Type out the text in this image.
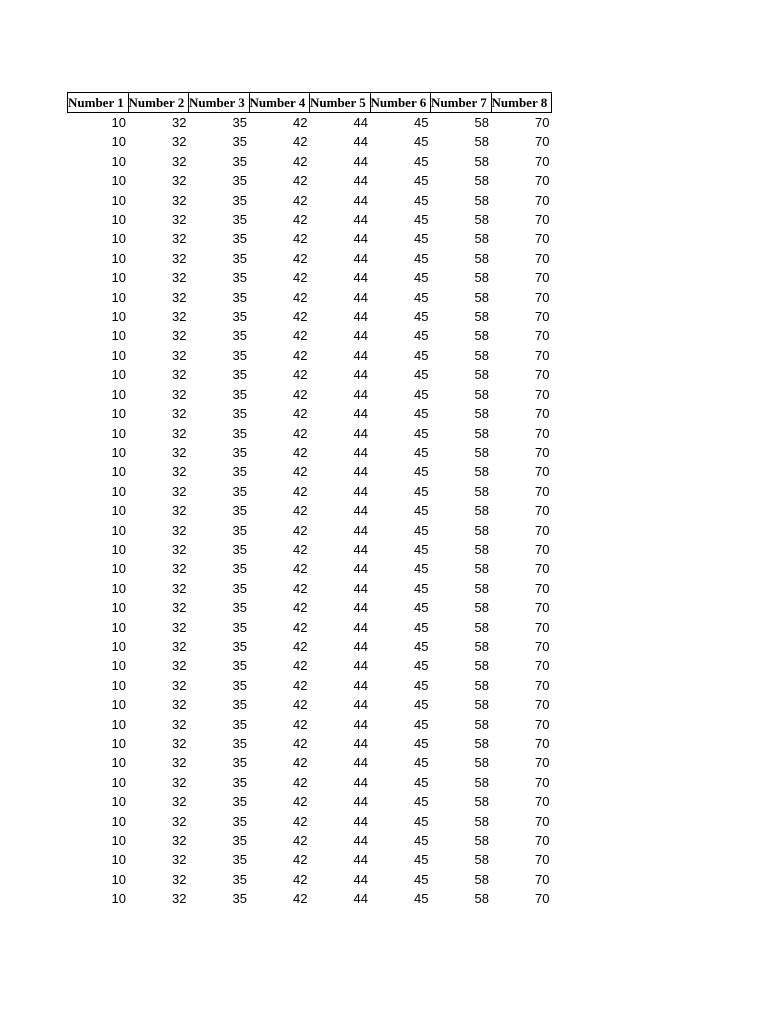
Number 1	Number 2	Number 3	Number 4	Number 5	Number 6	Number 7	Number 8
10	32	35	42	44	45	58	70
10	32	35	42	44	45	58	70
10	32	35	42	44	45	58	70
10	32	35	42	44	45	58	70
10	32	35	42	44	45	58	70
10	32	35	42	44	45	58	70
10	32	35	42	44	45	58	70
10	32	35	42	44	45	58	70
10	32	35	42	44	45	58	70
10	32	35	42	44	45	58	70
10	32	35	42	44	45	58	70
10	32	35	42	44	45	58	70
10	32	35	42	44	45	58	70
10	32	35	42	44	45	58	70
10	32	35	42	44	45	58	70
10	32	35	42	44	45	58	70
10	32	35	42	44	45	58	70
10	32	35	42	44	45	58	70
10	32	35	42	44	45	58	70
10	32	35	42	44	45	58	70
10	32	35	42	44	45	58	70
10	32	35	42	44	45	58	70
10	32	35	42	44	45	58	70
10	32	35	42	44	45	58	70
10	32	35	42	44	45	58	70
10	32	35	42	44	45	58	70
10	32	35	42	44	45	58	70
10	32	35	42	44	45	58	70
10	32	35	42	44	45	58	70
10	32	35	42	44	45	58	70
10	32	35	42	44	45	58	70
10	32	35	42	44	45	58	70
10	32	35	42	44	45	58	70
10	32	35	42	44	45	58	70
10	32	35	42	44	45	58	70
10	32	35	42	44	45	58	70
10	32	35	42	44	45	58	70
10	32	35	42	44	45	58	70
10	32	35	42	44	45	58	70
10	32	35	42	44	45	58	70
10	32	35	42	44	45	58	70
